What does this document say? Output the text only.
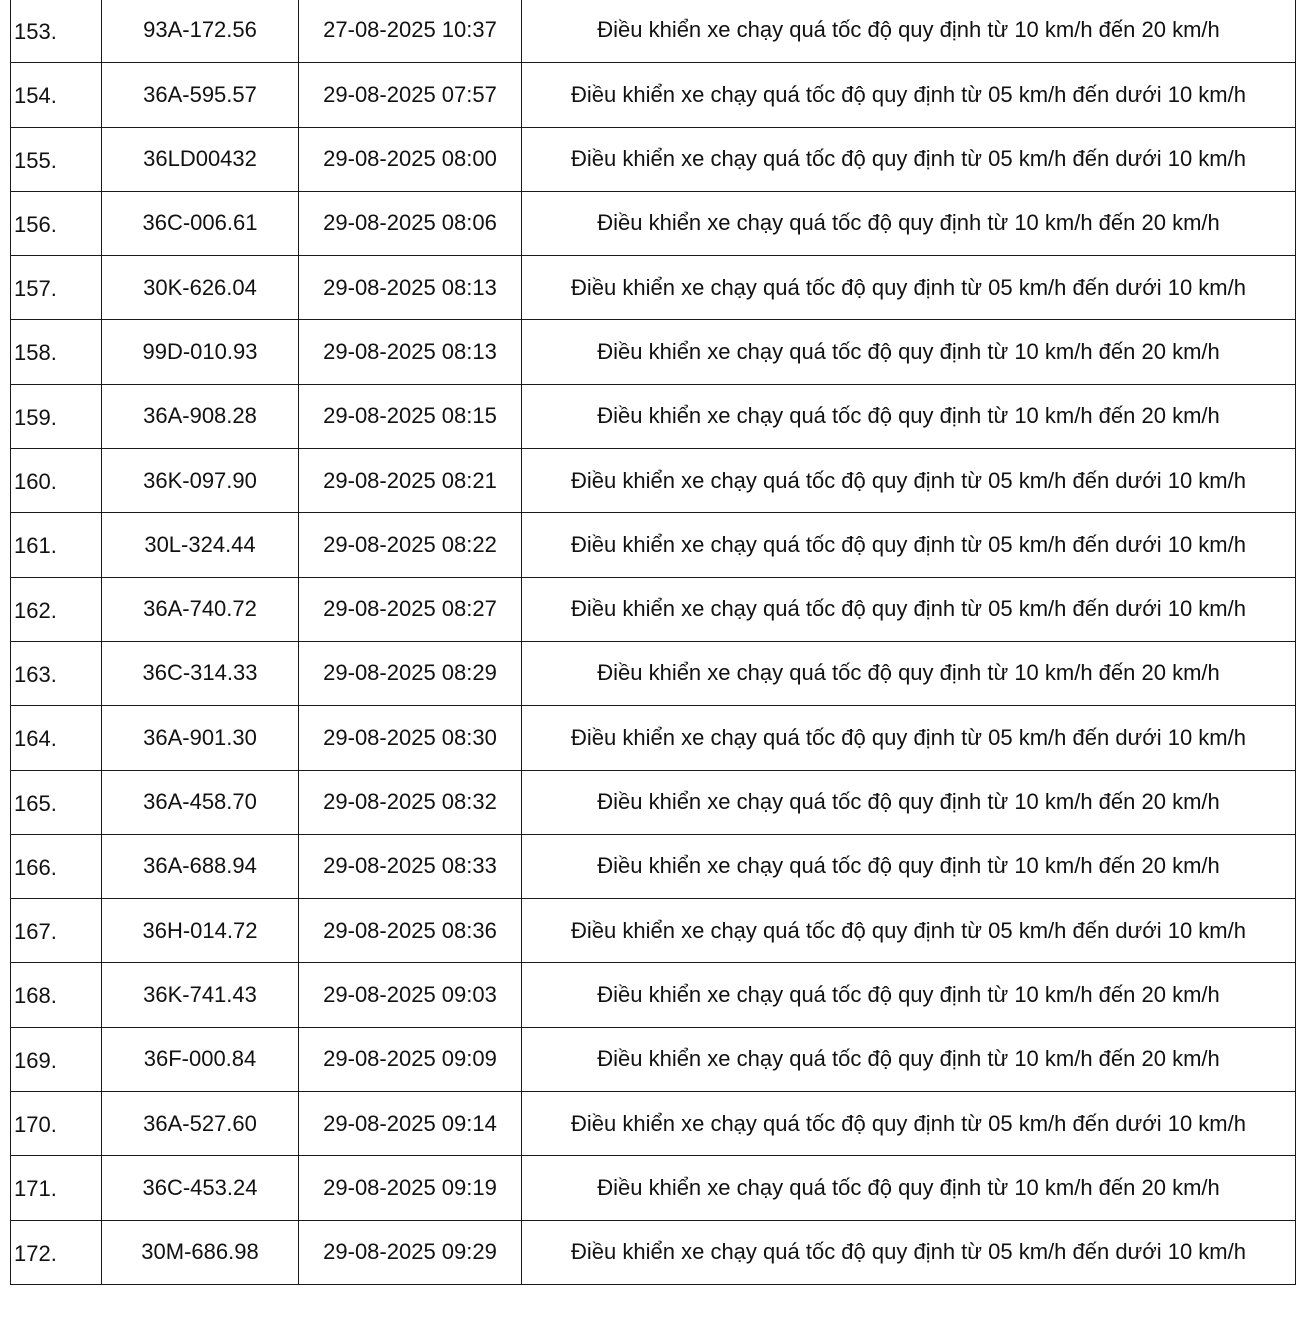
153.	93A-172.56	27-08-2025 10:37	Điều khiển xe chạy quá tốc độ quy định từ 10 km/h đến 20 km/h
154.	36A-595.57	29-08-2025 07:57	Điều khiển xe chạy quá tốc độ quy định từ 05 km/h đến dưới 10 km/h
155.	36LD00432	29-08-2025 08:00	Điều khiển xe chạy quá tốc độ quy định từ 05 km/h đến dưới 10 km/h
156.	36C-006.61	29-08-2025 08:06	Điều khiển xe chạy quá tốc độ quy định từ 10 km/h đến 20 km/h
157.	30K-626.04	29-08-2025 08:13	Điều khiển xe chạy quá tốc độ quy định từ 05 km/h đến dưới 10 km/h
158.	99D-010.93	29-08-2025 08:13	Điều khiển xe chạy quá tốc độ quy định từ 10 km/h đến 20 km/h
159.	36A-908.28	29-08-2025 08:15	Điều khiển xe chạy quá tốc độ quy định từ 10 km/h đến 20 km/h
160.	36K-097.90	29-08-2025 08:21	Điều khiển xe chạy quá tốc độ quy định từ 05 km/h đến dưới 10 km/h
161.	30L-324.44	29-08-2025 08:22	Điều khiển xe chạy quá tốc độ quy định từ 05 km/h đến dưới 10 km/h
162.	36A-740.72	29-08-2025 08:27	Điều khiển xe chạy quá tốc độ quy định từ 05 km/h đến dưới 10 km/h
163.	36C-314.33	29-08-2025 08:29	Điều khiển xe chạy quá tốc độ quy định từ 10 km/h đến 20 km/h
164.	36A-901.30	29-08-2025 08:30	Điều khiển xe chạy quá tốc độ quy định từ 05 km/h đến dưới 10 km/h
165.	36A-458.70	29-08-2025 08:32	Điều khiển xe chạy quá tốc độ quy định từ 10 km/h đến 20 km/h
166.	36A-688.94	29-08-2025 08:33	Điều khiển xe chạy quá tốc độ quy định từ 10 km/h đến 20 km/h
167.	36H-014.72	29-08-2025 08:36	Điều khiển xe chạy quá tốc độ quy định từ 05 km/h đến dưới 10 km/h
168.	36K-741.43	29-08-2025 09:03	Điều khiển xe chạy quá tốc độ quy định từ 10 km/h đến 20 km/h
169.	36F-000.84	29-08-2025 09:09	Điều khiển xe chạy quá tốc độ quy định từ 10 km/h đến 20 km/h
170.	36A-527.60	29-08-2025 09:14	Điều khiển xe chạy quá tốc độ quy định từ 05 km/h đến dưới 10 km/h
171.	36C-453.24	29-08-2025 09:19	Điều khiển xe chạy quá tốc độ quy định từ 10 km/h đến 20 km/h
172.	30M-686.98	29-08-2025 09:29	Điều khiển xe chạy quá tốc độ quy định từ 05 km/h đến dưới 10 km/h
